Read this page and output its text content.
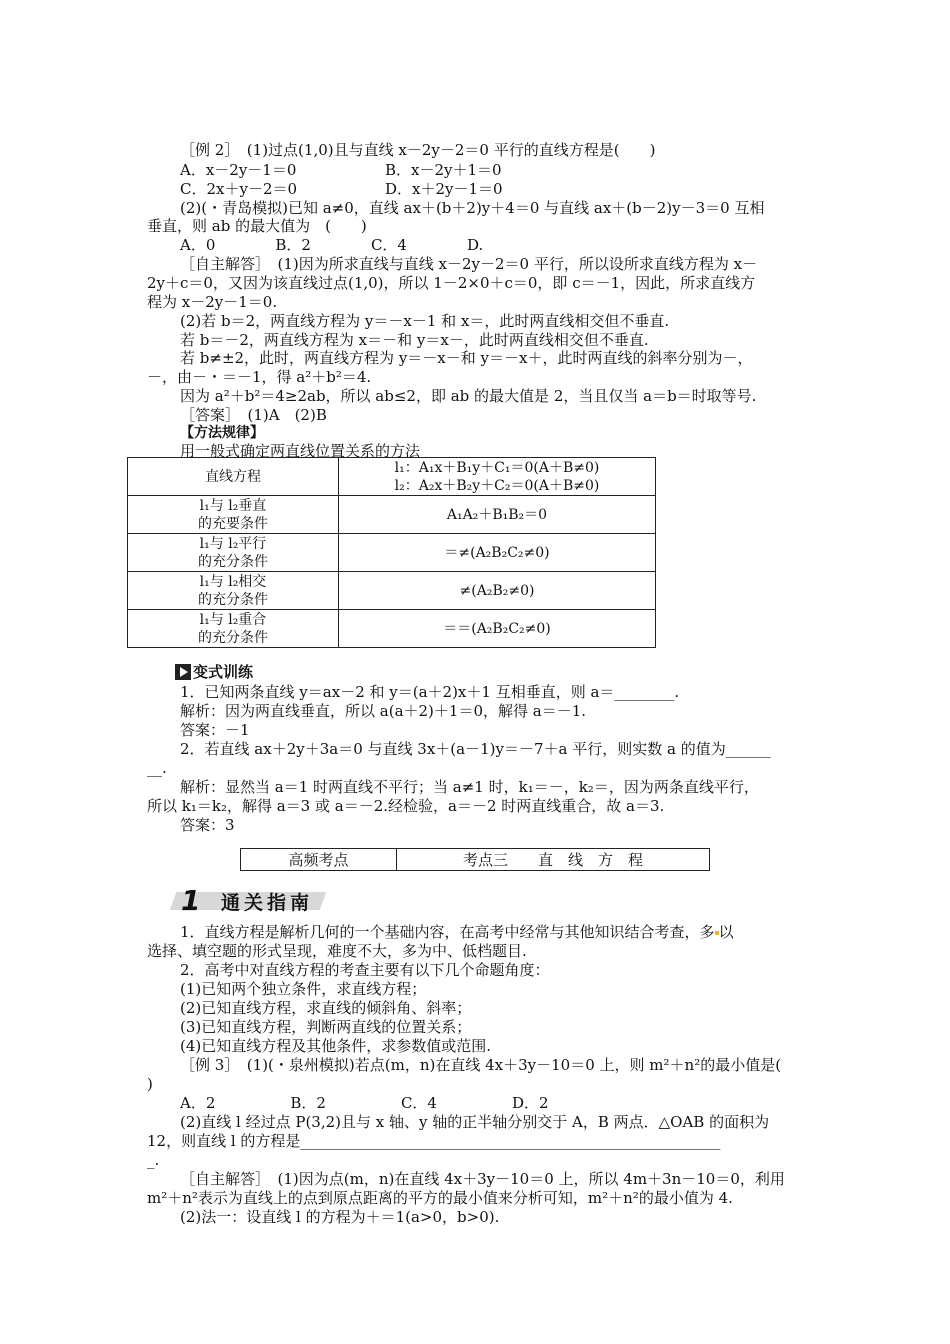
［例 2］　(1)过点(1,0)且与直线 x－2y－2＝0 平行的直线方程是(　　)
A．x－2y－1＝0	B．x－2y＋1＝0
C．2x＋y－2＝0	D．x＋2y－1＝0
(2)(・青岛模拟)已知 a≠0，直线 ax＋(b＋2)y＋4＝0 与直线 ax＋(b－2)y－3＝0 互相
垂直，则 ab 的最大值为　(　　)
A．0　　　　B．2　　　　C．4　　　　D.
［自主解答］　(1)因为所求直线与直线 x－2y－2＝0 平行，所以设所求直线方程为 x－
2y＋c＝0，又因为该直线过点(1,0)，所以 1－2×0＋c＝0，即 c＝－1，因此，所求直线方
程为 x－2y－1＝0.
(2)若 b＝2，两直线方程为 y＝－x－1 和 x＝，此时两直线相交但不垂直.
若 b＝－2，两直线方程为 x＝－和 y＝x－，此时两直线相交但不垂直.
若 b≠±2，此时，两直线方程为 y＝－x－和 y＝－x＋，此时两直线的斜率分别为－，
－，由－・＝－1，得 a²＋b²＝4.
因为 a²＋b²＝4≥2ab，所以 ab≤2，即 ab 的最大值是 2，当且仅当 a＝b＝时取等号.
［答案］　(1)A　(2)B
【方法规律】
用一般式确定两直线位置关系的方法
直线方程	l₁：A₁x＋B₁y＋C₁＝0(A＋B≠0)
l₂：A₂x＋B₂y＋C₂＝0(A＋B≠0)

l₁与 l₂垂直
的充要条件	A₁A₂＋B₁B₂＝0

l₁与 l₂平行
的充分条件	＝≠(A₂B₂C₂≠0)

l₁与 l₂相交
的充分条件	≠(A₂B₂≠0)

l₁与 l₂重合
的充分条件	＝＝(A₂B₂C₂≠0)
变式训练
1．已知两条直线 y＝ax－2 和 y＝(a＋2)x＋1 互相垂直，则 a＝________.
解析：因为两直线垂直，所以 a(a＋2)＋1＝0，解得 a＝－1.
答案：－1
2．若直线 ax＋2y＋3a＝0 与直线 3x＋(a－1)y＝－7＋a 平行，则实数 a 的值为______
__.
解析：显然当 a＝1 时两直线不平行；当 a≠1 时，k₁＝－，k₂＝，因为两条直线平行，
所以 k₁＝k₂，解得 a＝3 或 a＝－2.经检验，a＝－2 时两直线重合，故 a＝3.
答案：3
高频考点	考点三　　直　线　方　程
1 通关指南
1．直线方程是解析几何的一个基础内容，在高考中经常与其他知识结合考查，多 以
选择、填空题的形式呈现，难度不大，多为中、低档题目.
2．高考中对直线方程的考查主要有以下几个命题角度：
(1)已知两个独立条件，求直线方程；
(2)已知直线方程，求直线的倾斜角、斜率；
(3)已知直线方程，判断两直线的位置关系；
(4)已知直线方程及其他条件，求参数值或范围.
［例 3］　(1)(・泉州模拟)若点(m，n)在直线 4x＋3y－10＝0 上，则 m²＋n²的最小值是(
)
A．2　　　　　B．2　　　　　C．4　　　　　D．2
(2)直线 l 经过点 P(3,2)且与 x 轴、y 轴的正半轴分别交于 A，B 两点．△OAB 的面积为
12，则直线 l 的方程是________________________________________________________
_.
［自主解答］　(1)因为点(m，n)在直线 4x＋3y－10＝0 上，所以 4m＋3n－10＝0，利用
m²＋n²表示为直线上的点到原点距离的平方的最小值来分析可知，m²＋n²的最小值为 4.
(2)法一：设直线 l 的方程为＋＝1(a>0，b>0).
